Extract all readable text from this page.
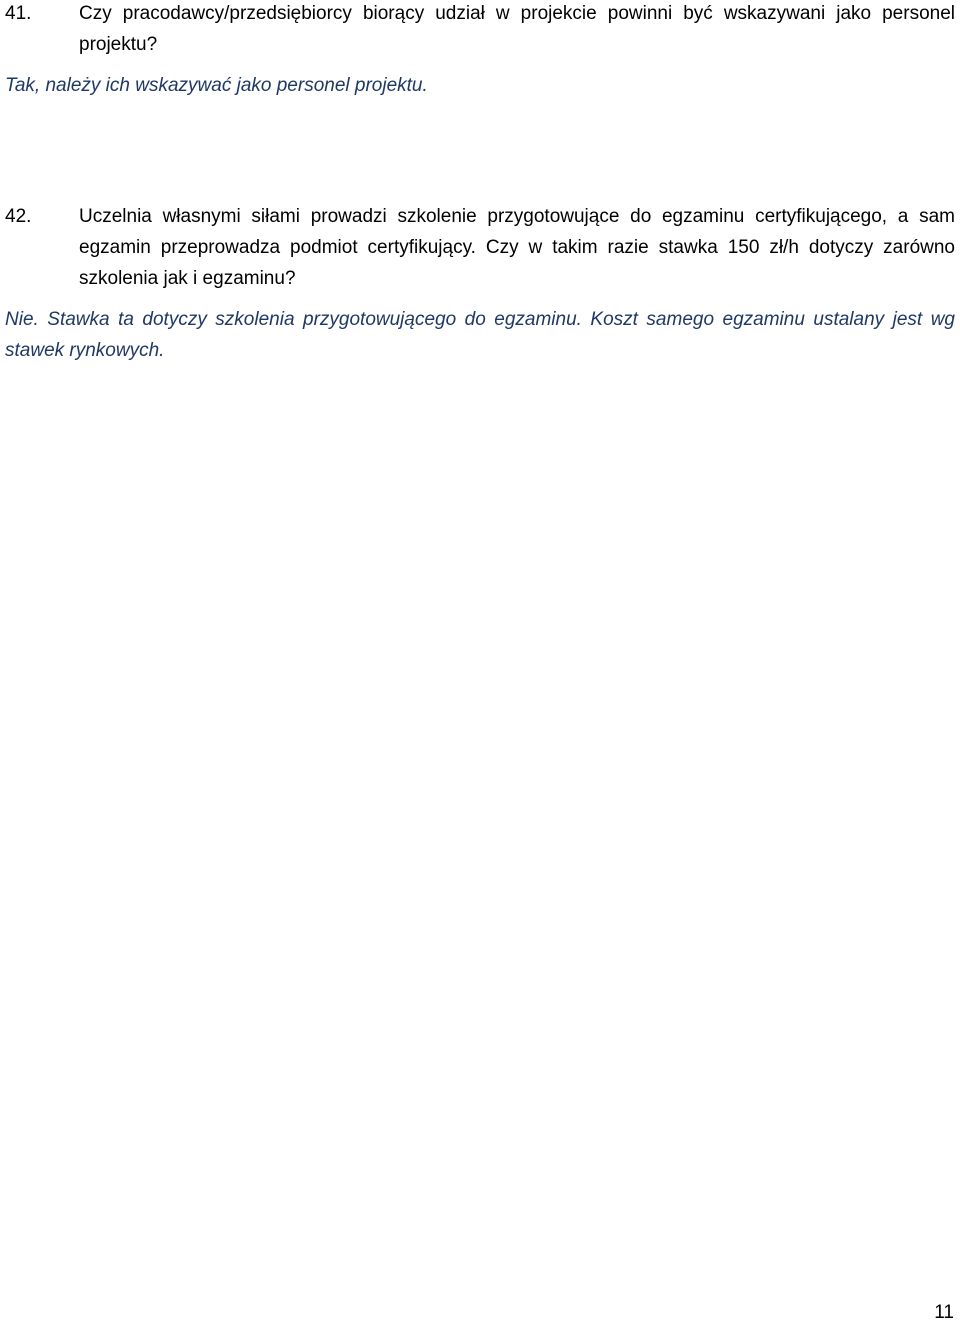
41.	Czy pracodawcy/przedsiębiorcy biorący udział w projekcie powinni być wskazywani jako personel projektu?
Tak, należy ich wskazywać jako personel projektu.
42.	Uczelnia własnymi siłami prowadzi szkolenie przygotowujące do egzaminu certyfikującego, a sam egzamin przeprowadza podmiot certyfikujący. Czy w takim razie stawka 150 zł/h dotyczy zarówno szkolenia jak i egzaminu?
Nie. Stawka ta dotyczy szkolenia przygotowującego do egzaminu. Koszt samego egzaminu ustalany jest wg stawek rynkowych.
11
